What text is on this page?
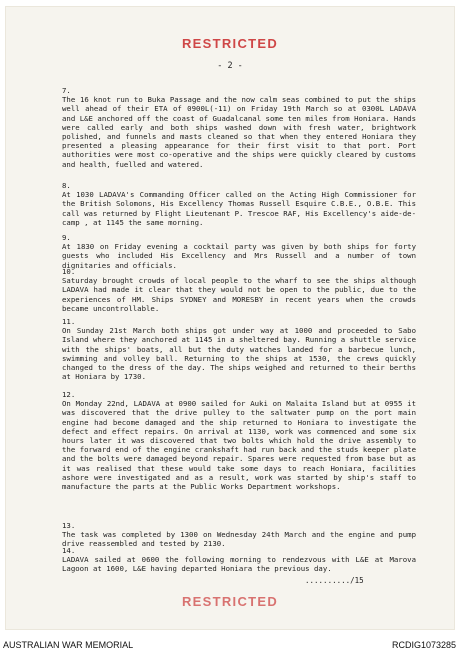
RESTRICTED
- 2 -
7.
The 16 knot run to Buka Passage and the now calm seas combined to put the ships well ahead of their ETA of 0900L(-11) on Friday 19th March so at 0300L LADAVA and L&E anchored off the coast of Guadalcanal some ten miles from Honiara. Hands were called early and both ships washed down with fresh water, brightwork polished, and funnels and masts cleaned so that when they entered Honiara they presented a pleasing appearance for their first visit to that port. Port authorities were most co-operative and the ships were quickly cleared by customs and health, fuelled and watered.
8.
At 1030 LADAVA's Commanding Officer called on the Acting High Commissioner for the British Solomons, His Excellency Thomas Russell Esquire C.B.E., O.B.E. This call was returned by Flight Lieutenant P. Trescoe RAF, His Excellency's aide-de-camp , at 1145 the same morning.
9.
At 1830 on Friday evening a cocktail party was given by both ships for forty guests who included His Excellency and Mrs Russell and a number of town dignitaries and officials.
10.
Saturday brought crowds of local people to the wharf to see the ships although LADAVA had made it clear that they would not be open to the public, due to the experiences of HM. Ships SYDNEY and MORESBY in recent years when the crowds became uncontrollable.
11.
On Sunday 21st March both ships got under way at 1000 and proceeded to Sabo Island where they anchored at 1145 in a sheltered bay. Running a shuttle service with the ships' boats, all but the duty watches landed for a barbecue lunch, swimming and volley ball. Returning to the ships at 1530, the crews quickly changed to the dress of the day. The ships weighed and returned to their berths at Honiara by 1730.
12.
On Monday 22nd, LADAVA at 0900 sailed for Auki on Malaita Island but at 0955 it was discovered that the drive pulley to the saltwater pump on the port main engine had become damaged and the ship returned to Honiara to investigate the defect and effect repairs. On arrival at 1130, work was commenced and some six hours later it was discovered that two bolts which hold the drive assembly to the forward end of the engine crankshaft had run back and the studs keeper plate and the bolts were damaged beyond repair. Spares were requested from base but as it was realised that these would take some days to reach Honiara, facilities ashore were investigated and as a result, work was started by ship's staff to manufacture the parts at the Public Works Department workshops.
13.
The task was completed by 1300 on Wednesday 24th March and the engine and pump drive reassembled and tested by 2130.
14.
LADAVA sailed at 0600 the following morning to rendezvous with L&E at Marova Lagoon at 1600, L&E having departed Honiara the previous day.
........../15
RESTRICTED
AUSTRALIAN WAR MEMORIAL	RCDIG1073285
